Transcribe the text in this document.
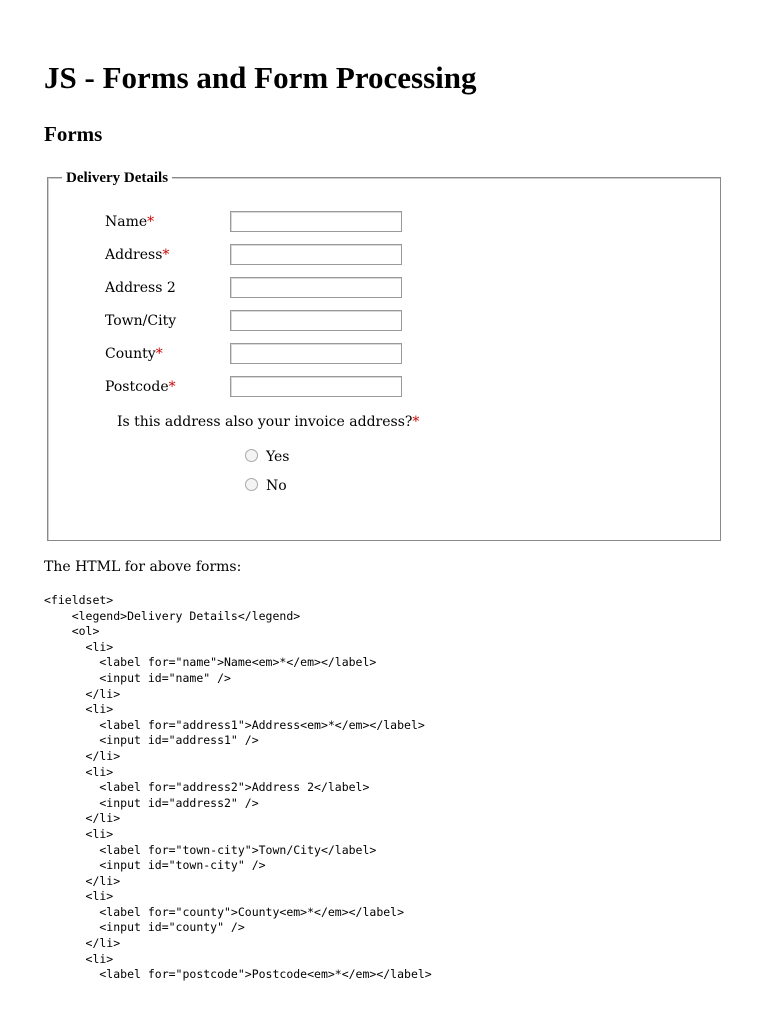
JS - Forms and Form Processing
Forms
Delivery Details
Name*
Address*
Address 2
Town/City
County*
Postcode*
Is this address also your invoice address?*
Yes
No
The HTML for above forms:
<fieldset>
<legend>Delivery Details</legend>
<ol>
<li>
<label for="name">Name<em>*</em></label>
<input id="name" />
</li>
<li>
<label for="address1">Address<em>*</em></label>
<input id="address1" />
</li>
<li>
<label for="address2">Address 2</label>
<input id="address2" />
</li>
<li>
<label for="town-city">Town/City</label>
<input id="town-city" />
</li>
<li>
<label for="county">County<em>*</em></label>
<input id="county" />
</li>
<li>
<label for="postcode">Postcode<em>*</em></label>
